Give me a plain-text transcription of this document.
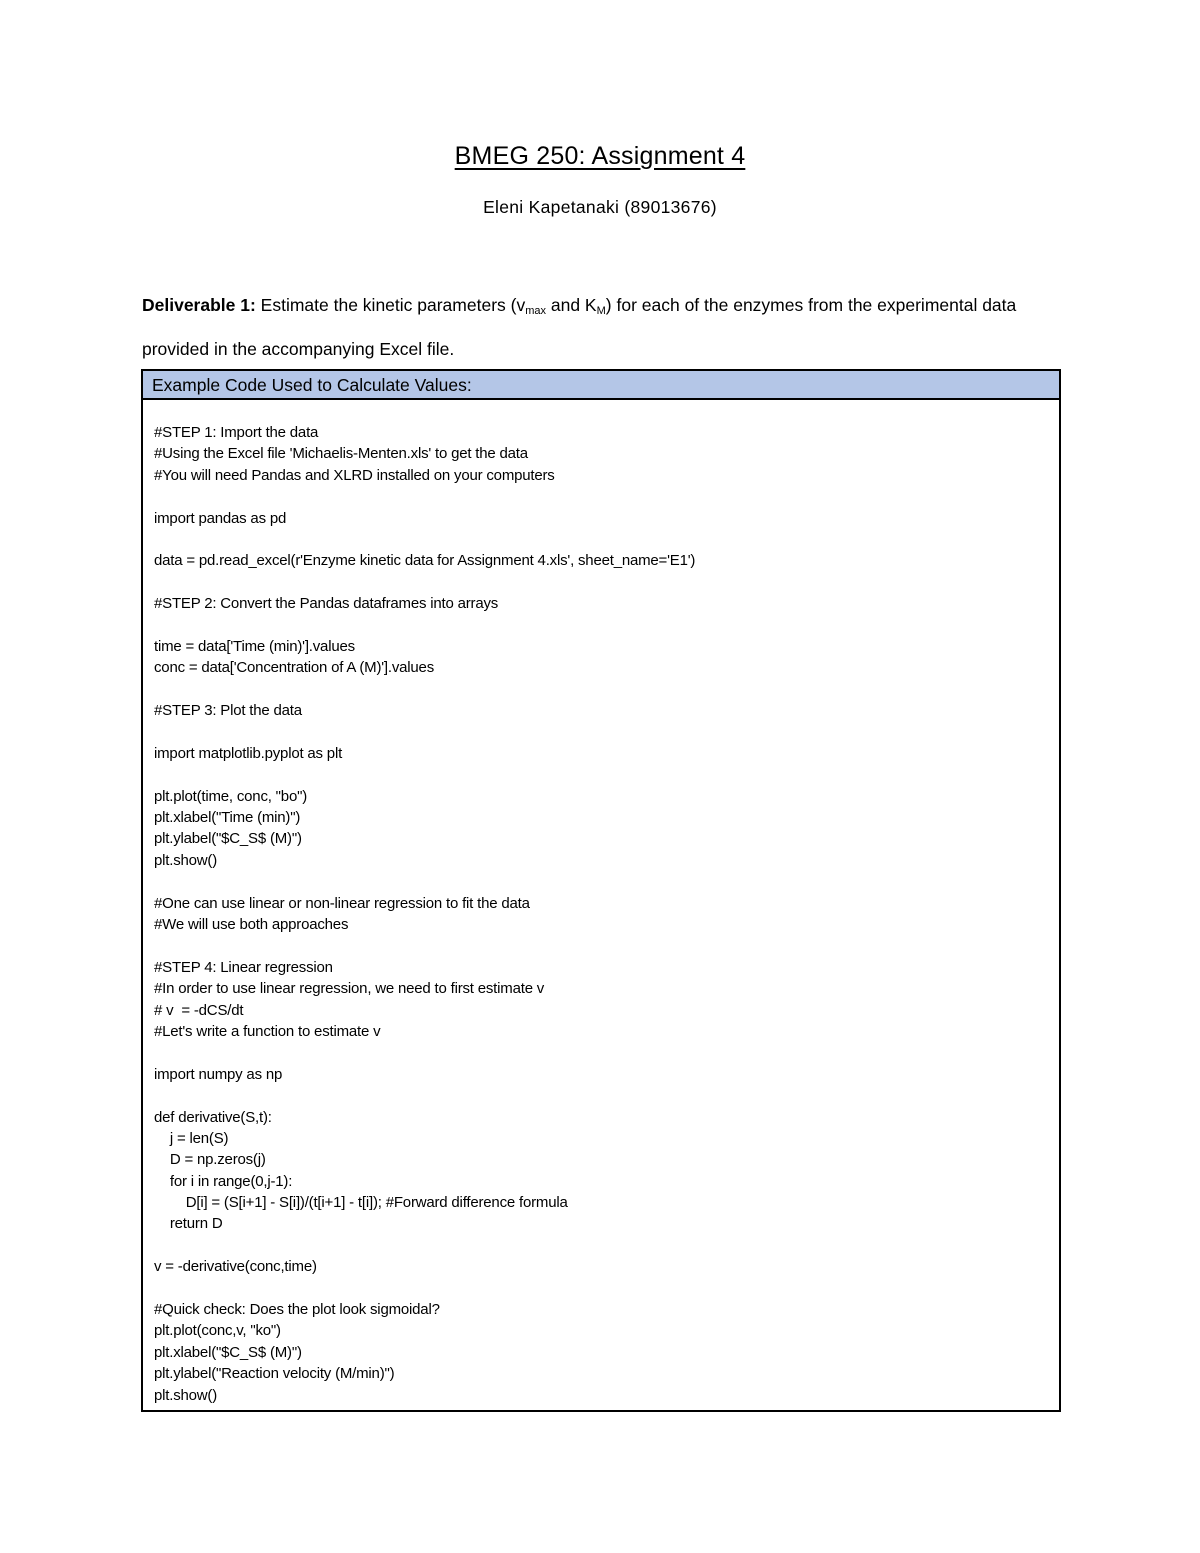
BMEG 250: Assignment 4
Eleni Kapetanaki (89013676)
Deliverable 1: Estimate the kinetic parameters ($v_{max}$ and $K_M$) for each of the enzymes from the experimental data provided in the accompanying Excel file.
Example Code Used to Calculate Values:
#STEP 1: Import the data
#Using the Excel file 'Michaelis-Menten.xls' to get the data
#You will need Pandas and XLRD installed on your computers
import pandas as pd
data = pd.read_excel(r'Enzyme kinetic data for Assignment 4.xls', sheet_name='E1')
#STEP 2: Convert the Pandas dataframes into arrays
time = data['Time (min)'].values
conc = data['Concentration of A (M)'].values
#STEP 3: Plot the data
import matplotlib.pyplot as plt
plt.plot(time, conc, "bo")
plt.xlabel("Time (min)")
plt.ylabel("$C_S$ (M)")
plt.show()
#One can use linear or non-linear regression to fit the data
#We will use both approaches
#STEP 4: Linear regression
#In order to use linear regression, we need to first estimate v
# v  = -dCS/dt
#Let's write a function to estimate v
import numpy as np
def derivative(S,t):
j = len(S)
D = np.zeros(j)
for i in range(0,j-1):
D[i] = (S[i+1] - S[i])/(t[i+1] - t[i]); #Forward difference formula
return D
v = -derivative(conc,time)
#Quick check: Does the plot look sigmoidal?
plt.plot(conc,v, "ko")
plt.xlabel("$C_S$ (M)")
plt.ylabel("Reaction velocity (M/min)")
plt.show()
